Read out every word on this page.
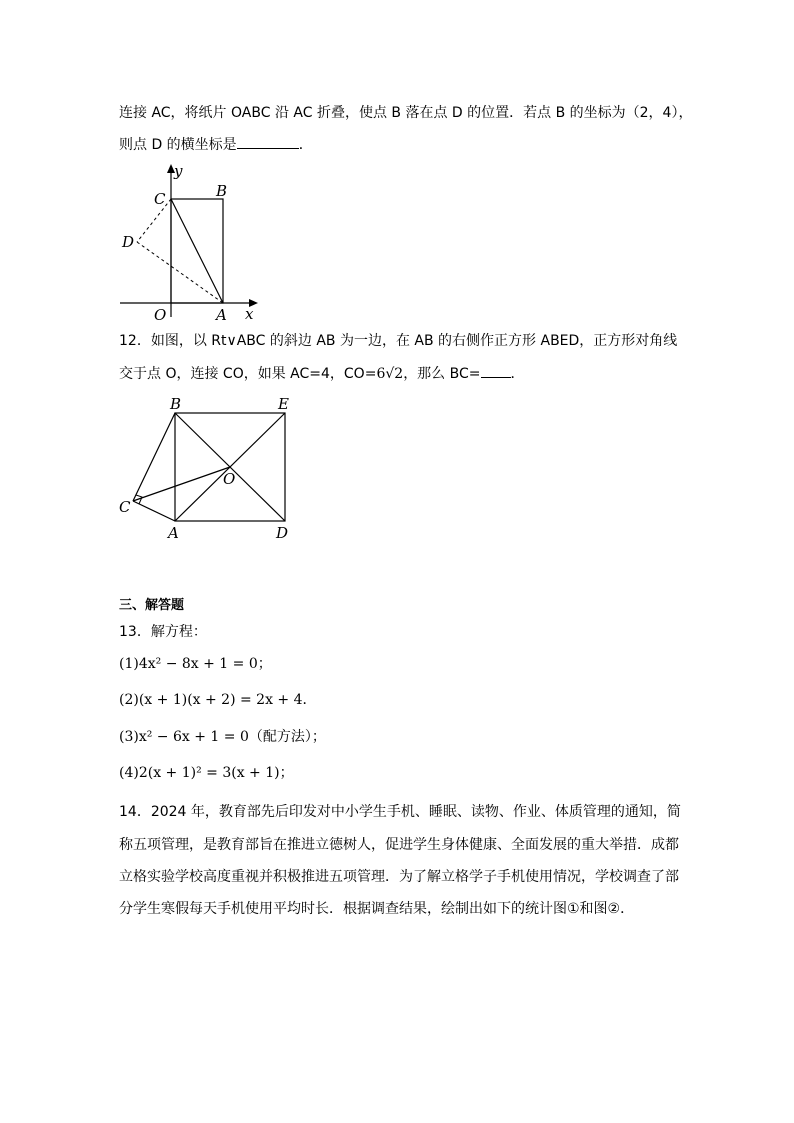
连接 AC，将纸片 OABC 沿 AC 折叠，使点 B 落在点 D 的位置．若点 B 的坐标为（2，4），
则点 D 的横坐标是	．
y
C	B
D
O	A x
12．如图，以 Rt∨ABC 的斜边 AB 为一边，在 AB 的右侧作正方形 ABED，正方形对角线
交于点 O，连接 CO，如果 AC=4，CO=6√2，那么 BC= ．
B	E
O
C
A	D
三、解答题
13．解方程：
(1)4x² − 8x + 1 = 0；
(2)(x + 1)(x + 2) = 2x + 4．
(3)x² − 6x + 1 = 0（配方法）；
(4)2(x + 1)² = 3(x + 1)；
14．2024 年，教育部先后印发对中小学生手机、睡眠、读物、作业、体质管理的通知，简
称五项管理，是教育部旨在推进立德树人，促进学生身体健康、全面发展的重大举措．成都
立格实验学校高度重视并积极推进五项管理．为了解立格学子手机使用情况，学校调查了部
分学生寒假每天手机使用平均时长．根据调查结果，绘制出如下的统计图①和图②．
